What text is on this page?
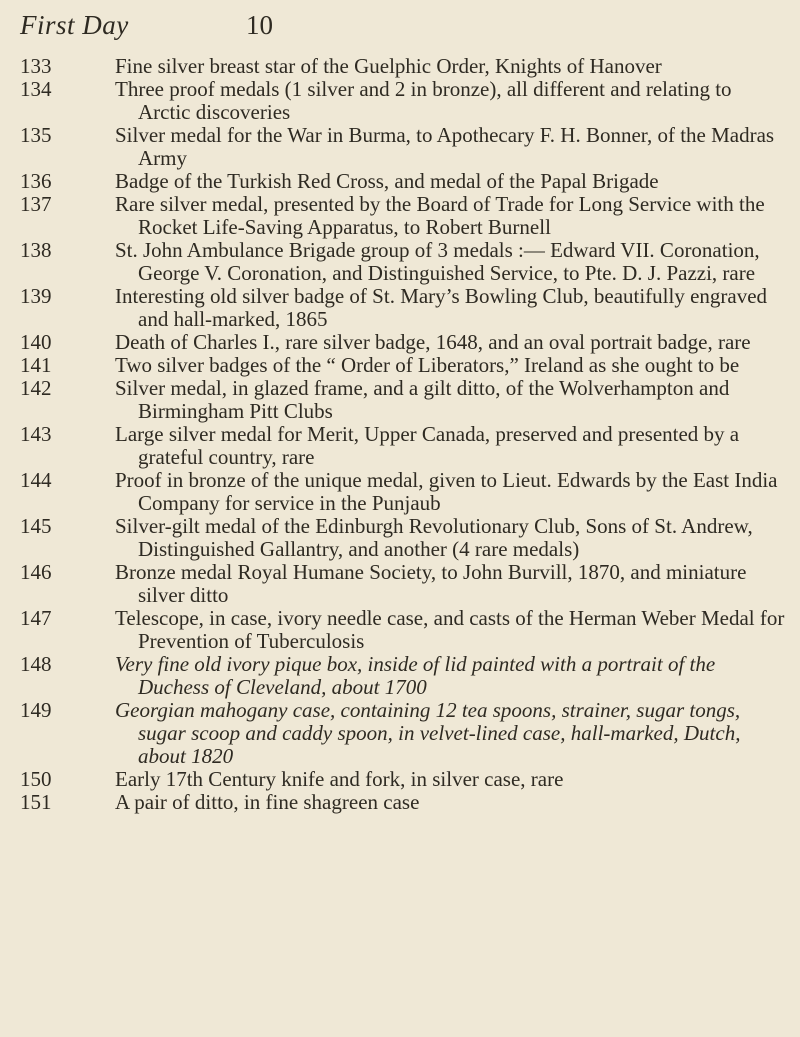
First Day	10
133	Fine silver breast star of the Guelphic Order, Knights of Hanover
134	Three proof medals (1 silver and 2 in bronze), all different and relating to Arctic discoveries
135	Silver medal for the War in Burma, to Apothecary F. H. Bonner, of the Madras Army
136	Badge of the Turkish Red Cross, and medal of the Papal Brigade
137	Rare silver medal, presented by the Board of Trade for Long Service with the Rocket Life-Saving Apparatus, to Robert Burnell
138	St. John Ambulance Brigade group of 3 medals :— Edward VII. Coronation, George V. Coronation, and Distinguished Service, to Pte. D. J. Pazzi, rare
139	Interesting old silver badge of St. Mary’s Bowling Club, beautifully engraved and hall-marked, 1865
140	Death of Charles I., rare silver badge, 1648, and an oval portrait badge, rare
141	Two silver badges of the “ Order of Liberators,” Ireland as she ought to be
142	Silver medal, in glazed frame, and a gilt ditto, of the Wolverhampton and Birmingham Pitt Clubs
143	Large silver medal for Merit, Upper Canada, preserved and presented by a grateful country, rare
144	Proof in bronze of the unique medal, given to Lieut. Edwards by the East India Company for service in the Punjaub
145	Silver-gilt medal of the Edinburgh Revolutionary Club, Sons of St. Andrew, Distinguished Gallantry, and another (4 rare medals)
146	Bronze medal Royal Humane Society, to John Burvill, 1870, and miniature silver ditto
147	Telescope, in case, ivory needle case, and casts of the Herman Weber Medal for Prevention of Tuberculosis
148	Very fine old ivory pique box, inside of lid painted with a portrait of the Duchess of Cleveland, about 1700
149	Georgian mahogany case, containing 12 tea spoons, strainer, sugar tongs, sugar scoop and caddy spoon, in velvet-lined case, hall-marked, Dutch, about 1820
150	Early 17th Century knife and fork, in silver case, rare
151	A pair of ditto, in fine shagreen case
